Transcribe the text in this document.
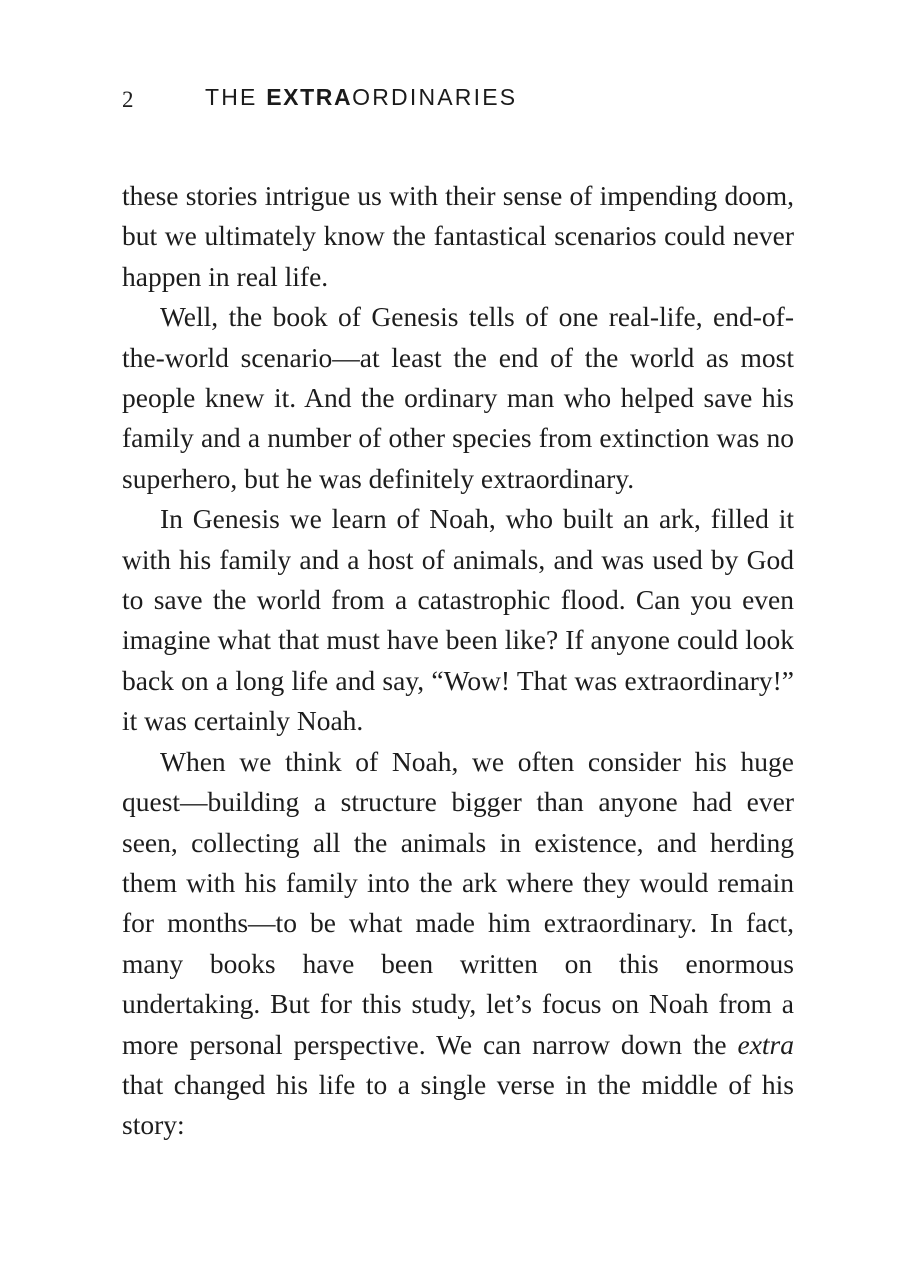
2	THE EXTRAORDINARIES

these stories intrigue us with their sense of impending doom, but we ultimately know the fantastical scenarios could never happen in real life.

Well, the book of Genesis tells of one real-life, end-of-the-world scenario—at least the end of the world as most people knew it. And the ordinary man who helped save his family and a number of other species from extinction was no superhero, but he was definitely extraordinary.

In Genesis we learn of Noah, who built an ark, filled it with his family and a host of animals, and was used by God to save the world from a catastrophic flood. Can you even imagine what that must have been like? If anyone could look back on a long life and say, “Wow! That was extraordinary!” it was certainly Noah.

When we think of Noah, we often consider his huge quest—building a structure bigger than anyone had ever seen, collecting all the animals in existence, and herding them with his family into the ark where they would remain for months—to be what made him extraordinary. In fact, many books have been written on this enormous undertaking. But for this study, let’s focus on Noah from a more personal perspective. We can narrow down the extra that changed his life to a single verse in the middle of his story:
